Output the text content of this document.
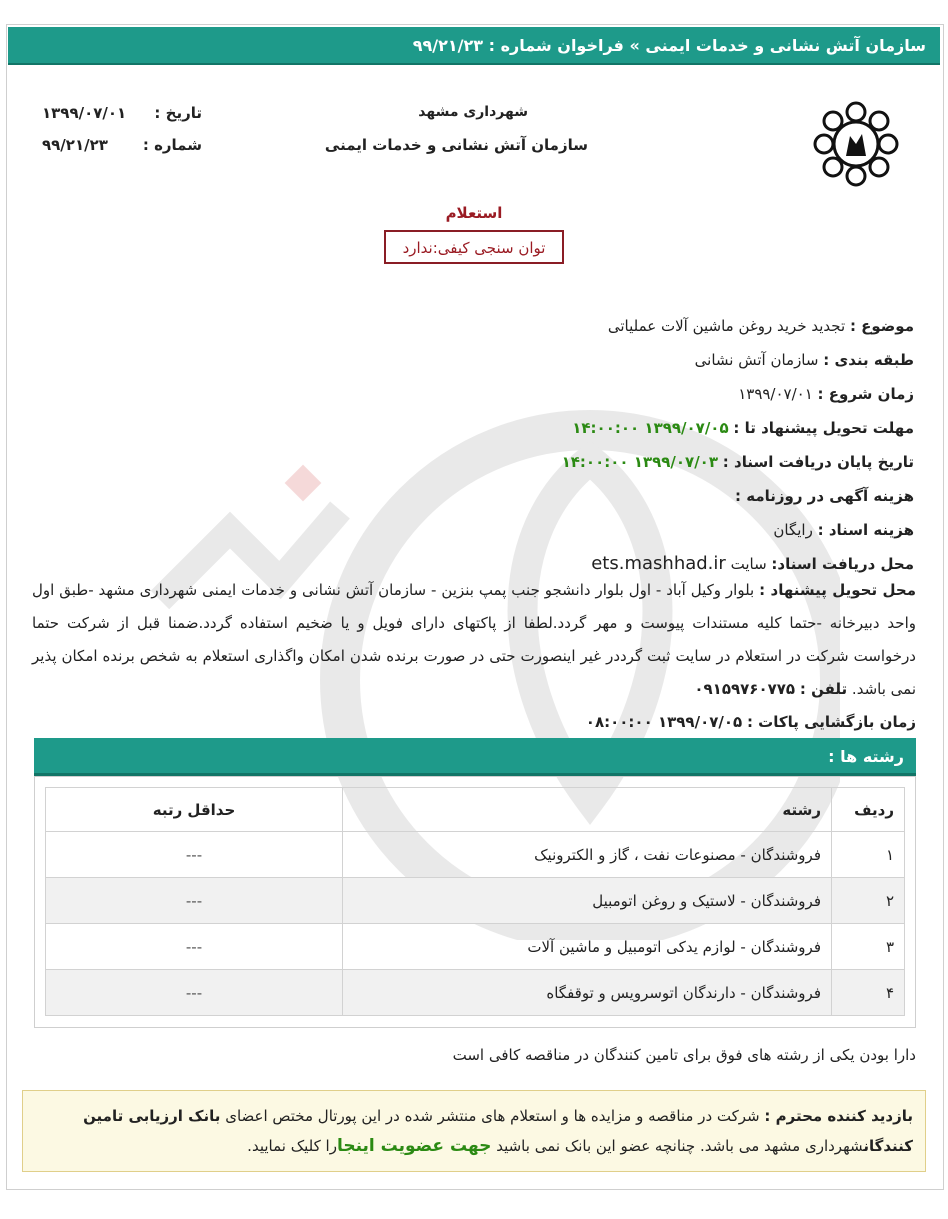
سازمان آتش نشانی و خدمات ایمنی » فراخوان شماره : ۹۹/۲۱/۲۳
شهرداری مشهد
سازمان آتش نشانی و خدمات ایمنی
تاریخ :
۱۳۹۹/۰۷/۰۱
شماره :
۹۹/۲۱/۲۳
استعلام
توان سنجی کیفی:ندارد
موضوع : تجدید خرید روغن ماشین آلات عملیاتی
طبقه بندی : سازمان آتش نشانی
زمان شروع : ۱۳۹۹/۰۷/۰۱
مهلت تحویل پیشنهاد تا : ۱۳۹۹/۰۷/۰۵ ۱۴:۰۰:۰۰
تاریخ پایان دریافت اسناد : ۱۳۹۹/۰۷/۰۳ ۱۴:۰۰:۰۰
هزینه آگهی در روزنامه :
هزینه اسناد : رایگان
محل دریافت اسناد: سایت ets.mashhad.ir
محل تحویل پیشنهاد : بلوار وکیل آباد - اول بلوار دانشجو جنب پمپ بنزین - سازمان آتش نشانی و خدمات ایمنی شهرداری مشهد -طبق اول واحد دبیرخانه -حتما کلیه مستندات پیوست و مهر گردد.لطفا از پاکتهای دارای فویل و یا ضخیم استفاده گردد.ضمنا قبل از شرکت حتما درخواست شرکت در استعلام در سایت ثبت گرددر غیر اینصورت حتی در صورت برنده شدن امکان واگذاری استعلام به شخص برنده امکان پذیر نمی باشد. تلفن : ۰۹۱۵۹۷۶۰۷۷۵
زمان بازگشایی پاکات : ۱۳۹۹/۰۷/۰۵ ۰۸:۰۰:۰۰
رشته ها :
ردیف	رشته	حداقل رتبه
۱	فروشندگان - مصنوعات نفت ، گاز و الکترونیک	---
۲	فروشندگان - لاستیک و روغن اتومبیل	---
۳	فروشندگان - لوازم یدکی اتومبیل و ماشین آلات	---
۴	فروشندگان - دارندگان اتوسرویس و توقفگاه	---
دارا بودن یکی از رشته های فوق برای تامین کنندگان در مناقصه کافی است
بازدید کننده محترم : شرکت در مناقصه و مزایده ها و استعلام های منتشر شده در این پورتال مختص اعضای بانک ارزیابی تامین کنندگانشهرداری مشهد می باشد. چنانچه عضو این بانک نمی باشید جهت عضویت اینجارا کلیک نمایید.
